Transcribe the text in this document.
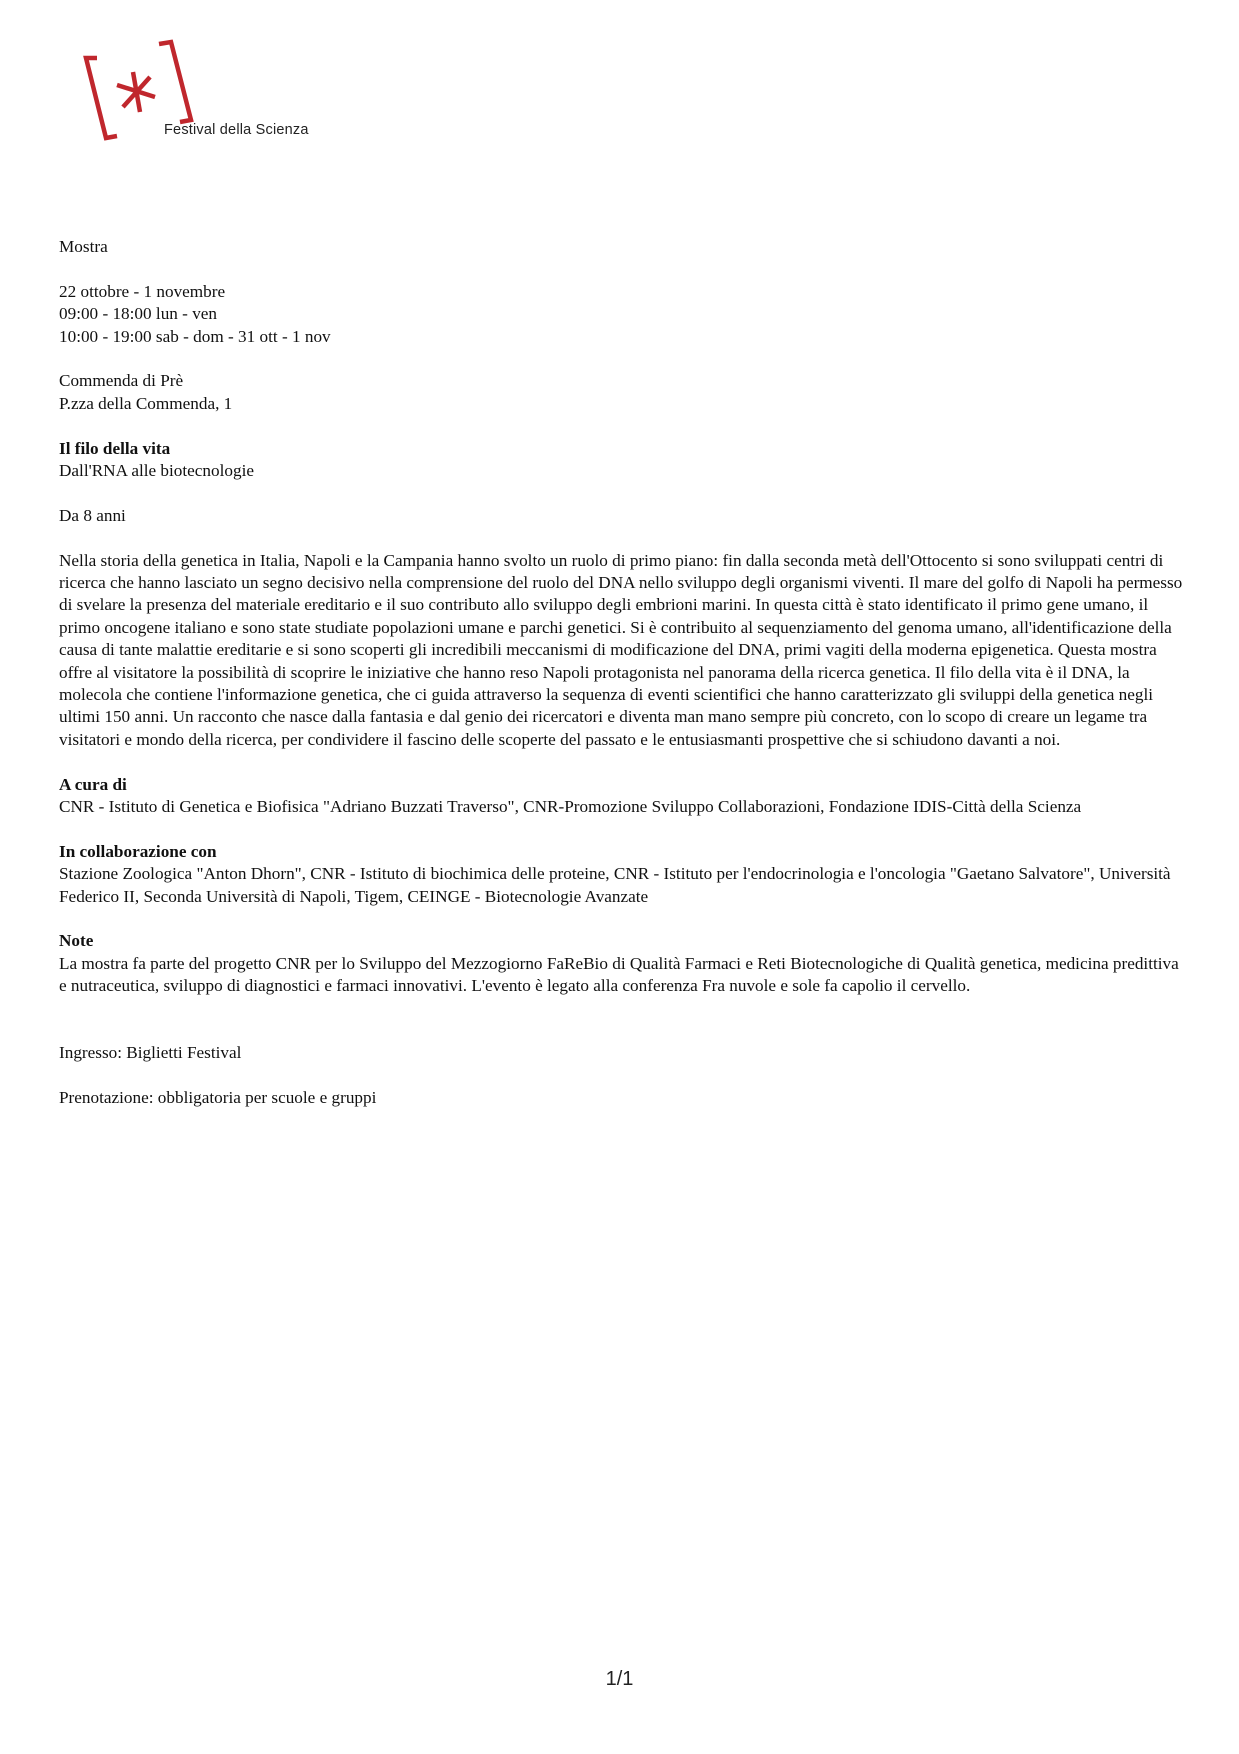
Festival della Scienza

Mostra

22 ottobre - 1 novembre
09:00 - 18:00 lun - ven
10:00 - 19:00 sab - dom - 31 ott - 1 nov

Commenda di Prè
P.zza della Commenda, 1

Il filo della vita
Dall'RNA alle biotecnologie

Da 8 anni

Nella storia della genetica in Italia, Napoli e la Campania hanno svolto un ruolo di primo piano: fin dalla seconda metà dell'Ottocento si sono sviluppati centri di ricerca che hanno lasciato un segno decisivo nella comprensione del ruolo del DNA nello sviluppo degli organismi viventi. Il mare del golfo di Napoli ha permesso di svelare la presenza del materiale ereditario e il suo contributo allo sviluppo degli embrioni marini. In questa città è stato identificato il primo gene umano, il primo oncogene italiano e sono state studiate popolazioni umane e parchi genetici. Si è contribuito al sequenziamento del genoma umano, all'identificazione della causa di tante malattie ereditarie e si sono scoperti gli incredibili meccanismi di modificazione del DNA, primi vagiti della moderna epigenetica. Questa mostra offre al visitatore la possibilità di scoprire le iniziative che hanno reso Napoli protagonista nel panorama della ricerca genetica. Il filo della vita è il DNA, la molecola che contiene l'informazione genetica, che ci guida attraverso la sequenza di eventi scientifici che hanno caratterizzato gli sviluppi della genetica negli ultimi 150 anni. Un racconto che nasce dalla fantasia e dal genio dei ricercatori e diventa man mano sempre più concreto, con lo scopo di creare un legame tra visitatori e mondo della ricerca, per condividere il fascino delle scoperte del passato e le entusiasmanti prospettive che si schiudono davanti a noi.

A cura di
CNR - Istituto di Genetica e Biofisica "Adriano Buzzati Traverso", CNR-Promozione Sviluppo Collaborazioni, Fondazione IDIS-Città della Scienza

In collaborazione con
Stazione Zoologica "Anton Dhorn", CNR - Istituto di biochimica delle proteine, CNR - Istituto per l'endocrinologia e l'oncologia "Gaetano Salvatore", Università Federico II, Seconda Università di Napoli, Tigem, CEINGE - Biotecnologie Avanzate

Note
La mostra fa parte del progetto CNR per lo Sviluppo del Mezzogiorno FaReBio di Qualità Farmaci e Reti Biotecnologiche di Qualità genetica, medicina predittiva e nutraceutica, sviluppo di diagnostici e farmaci innovativi. L'evento è legato alla conferenza Fra nuvole e sole fa capolio il cervello.

Ingresso: Biglietti Festival

Prenotazione: obbligatoria per scuole e gruppi

1/1
